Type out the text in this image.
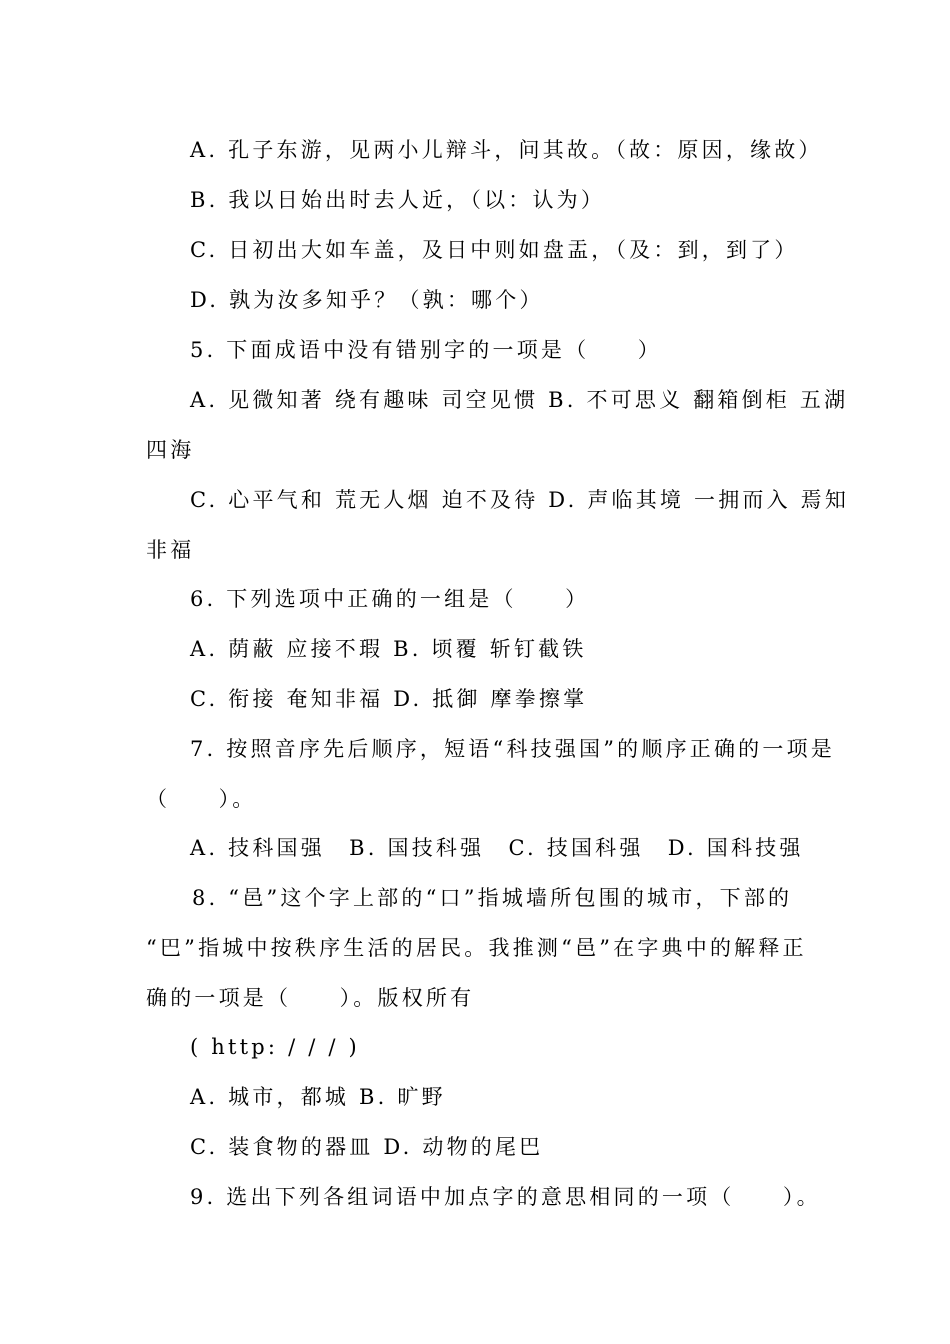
A. 孔子东游，见两小儿辩斗，问其故。（故：原因，缘故）
B. 我以日始出时去人近，（以：认为）
C. 日初出大如车盖，及日中则如盘盂，（及：到，到了）
D. 孰为汝多知乎？（孰：哪个）
5. 下面成语中没有错别字的一项是（　　）
A. 见微知著 绕有趣味 司空见惯 B. 不可思义 翻箱倒柜 五湖
四海
C. 心平气和 荒无人烟 迫不及待 D. 声临其境 一拥而入 焉知
非福
6. 下列选项中正确的一组是（　　）
A. 荫蔽 应接不瑕 B. 顷覆 斩钉截铁
C. 衔接 奄知非福 D. 抵御 摩拳擦掌
7. 按照音序先后顺序，短语“科技强国”的顺序正确的一项是
（　　）。
A. 技科国强　B. 国技科强　C. 技国科强　D. 国科技强
8. “邑”这个字上部的“口”指城墙所包围的城市，下部的
“巴”指城中按秩序生活的居民。我推测“邑”在字典中的解释正
确的一项是（　　）。版权所有
( http: / / / )
A. 城市，都城 B. 旷野
C. 装食物的器皿 D. 动物的尾巴
9. 选出下列各组词语中加点字的意思相同的一项（　　）。
